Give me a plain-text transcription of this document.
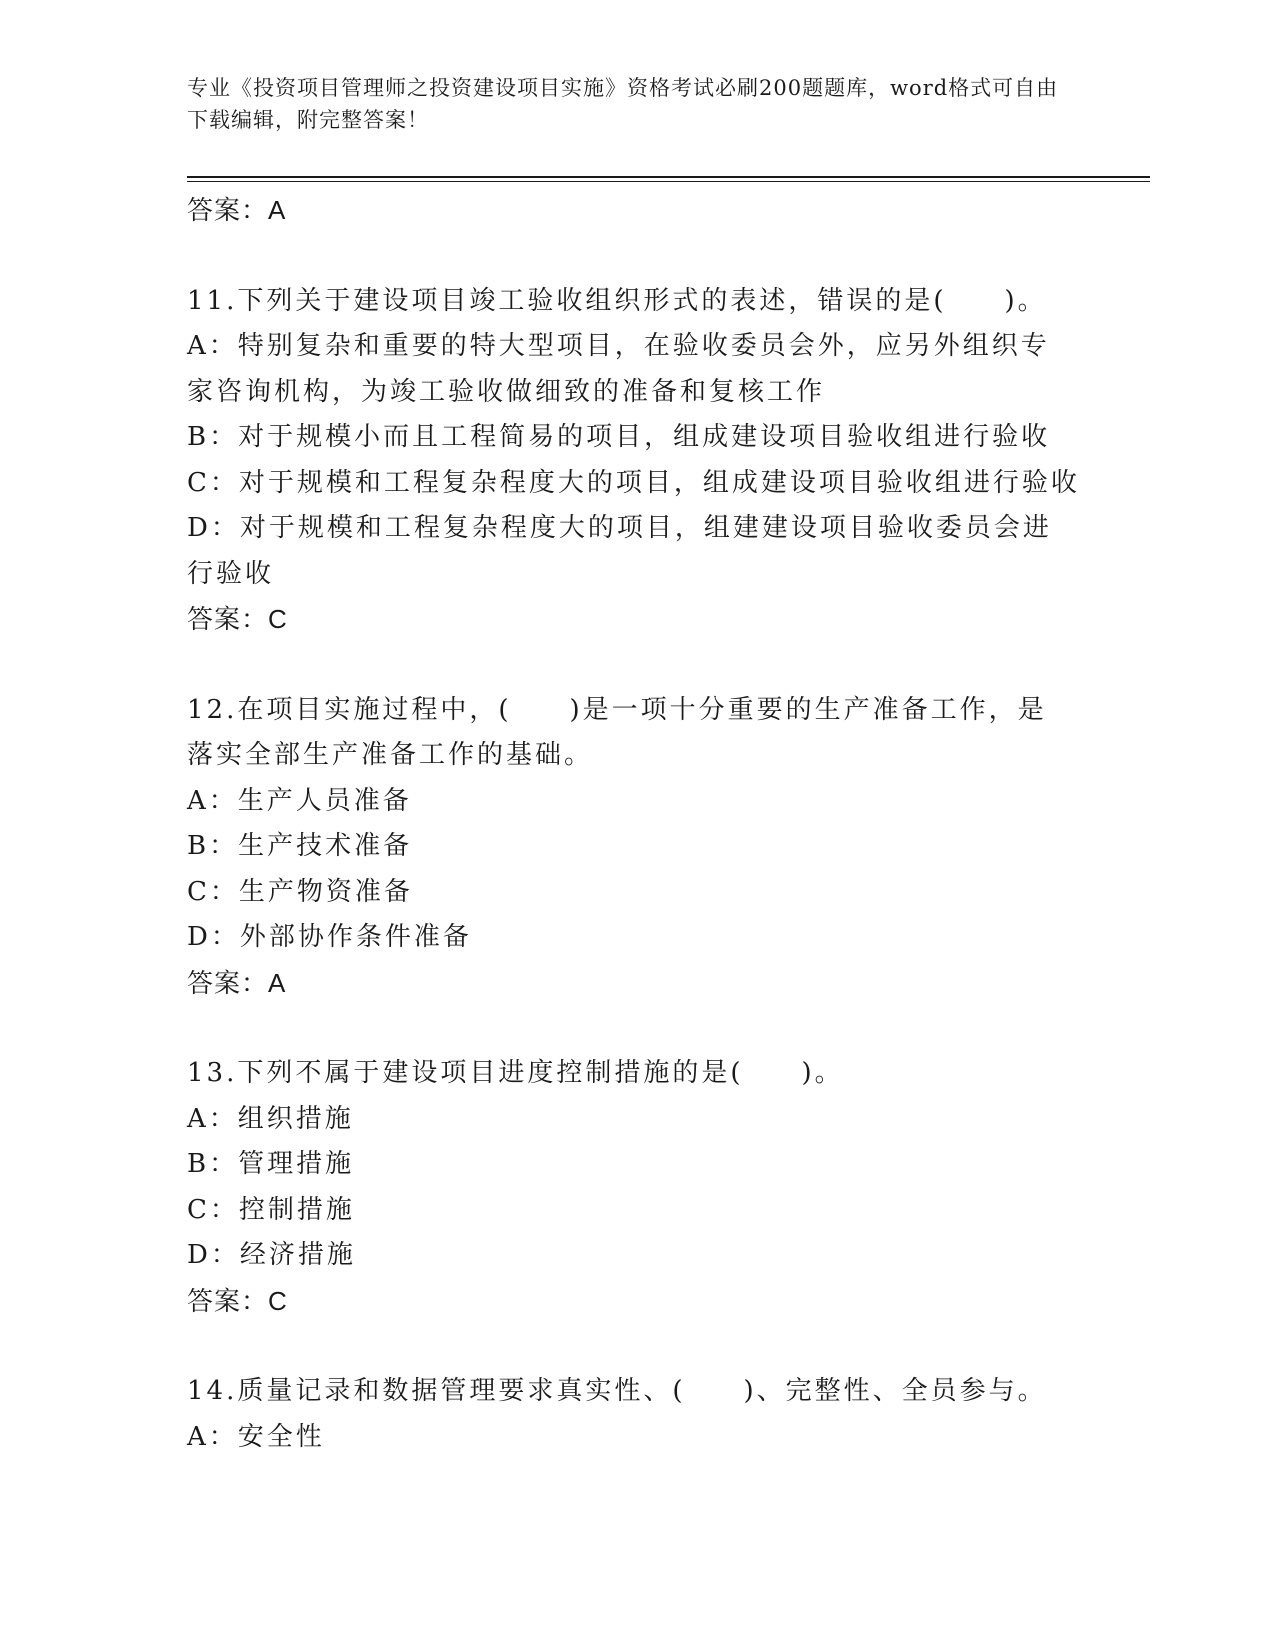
专业《投资项目管理师之投资建设项目实施》资格考试必刷200题题库，word格式可自由下载编辑，附完整答案！
答案：A
11.下列关于建设项目竣工验收组织形式的表述，错误的是(　　)。
A：特别复杂和重要的特大型项目，在验收委员会外，应另外组织专家咨询机构，为竣工验收做细致的准备和复核工作
B：对于规模小而且工程简易的项目，组成建设项目验收组进行验收
C：对于规模和工程复杂程度大的项目，组成建设项目验收组进行验收
D：对于规模和工程复杂程度大的项目，组建建设项目验收委员会进行验收
答案：C
12.在项目实施过程中，(　　)是一项十分重要的生产准备工作，是落实全部生产准备工作的基础。
A：生产人员准备
B：生产技术准备
C：生产物资准备
D：外部协作条件准备
答案：A
13.下列不属于建设项目进度控制措施的是(　　)。
A：组织措施
B：管理措施
C：控制措施
D：经济措施
答案：C
14.质量记录和数据管理要求真实性、(　　)、完整性、全员参与。
A：安全性
